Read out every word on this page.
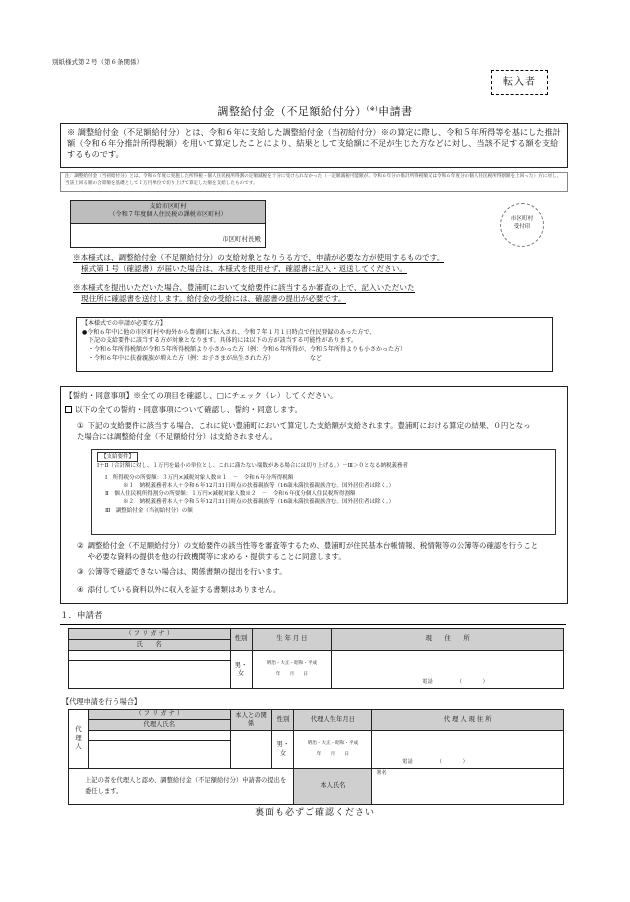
別紙様式第２号（第６条関係）
転入者
調整給付金（不足額給付分）(※)申請書
※ 調整給付金（不足額給付分）とは、令和６年に支給した調整給付金（当初給付分）※の算定に際し、令和５年所得等を基にした推計額（令和６年分推計所得税額）を用いて算定したことにより、結果として支給額に不足が生じた方などに対し、当該不足する額を支給するものです。
注：調整給付金（当初給付分）とは、令和６年度に実施した所得税・個人住民税所得割の定額減税を十分に受けられなかった（一定額減税可能額が、令和６年分の推計所得税額又は令和６年度分の個人住民税所得割額を上回った）方に対し、当該上回る額の合算額を基礎として１万円単位で切り上げて算定した額を支給したものです。
支給市区町村
（令和７年度個人住民税の課税市区町村）
市区町村長殿
市区町村
受付印
※本様式は、調整給付金（不足額給付分）の支給対象となりうる方で、申請が必要な方が使用するものです。
様式第１号（確認書）が届いた場合は、本様式を使用せず、確認書に記入・返送してください。
※本様式を提出いただいた場合、豊浦町において支給要件に該当するか審査の上で、記入いただいた
現住所に確認書を送付します。給付金の受給には、確認書の提出が必要です。
【本様式での申請が必要な方】
●令和６年中に他の市区町村や海外から豊浦町に転入され、令和７年１月１日時点で住民登録のあった方で、
下記の支給要件に該当する方が対象となります。具体的には以下の方が該当する可能性があります。
・令和６年所得税額が令和５年所得税額より小さかった方（例：令和６年所得が、令和５年所得よりも小さかった方）
・令和６年中に扶養親族が増えた方（例：お子さまが出生された方）	など
【誓約・同意事項】※全ての項目を確認し、□にチェック（レ）してください。
以下の全ての誓約・同意事項について確認し、誓約・同意します。
① 下記の支給要件に該当する場合、これに従い豊浦町において算定した支給額が支給されます。豊浦町における算定の結果、０円となった場合には調整給付金（不足額給付分）は支給されません。
【支給要件】
Ⅰ＋Ⅱ（合計額に対し、１万円を最小の単位とし、これに満たない端数がある場合には切り上げる。）－Ⅲ＞０となる納税義務者
Ⅰ　所得税分の所要額：３万円×減税対象人数※１　－　令和６年分所得税額
※１　納税義務者本人＋令和６年12月31日時点の扶養親族等（16歳未満扶養親族含む。国外居住者は除く。）
Ⅱ　個人住民税所得割分の所要額：１万円×減税対象人数※２　－　令和６年度分個人住民税所得割額
※２　納税義務者本人＋令和５年12月31日時点の扶養親族等（16歳未満扶養親族含む。国外居住者は除く。）
Ⅲ　調整給付金（当初給付分）の額
② 調整給付金（不足額給付分）の支給要件の該当性等を審査等するため、豊浦町が住民基本台帳情報、税情報等の公簿等の確認を行うことや必要な資料の提供を他の行政機関等に求める・提供することに同意します。
③ 公簿等で確認できない場合は、関係書類の提出を行います。
④ 添付している資料以外に収入を証する書類はありません。
１．申請者
（ フ リ ガ ナ ）	性別	生 年 月 日	現　　住　　所
氏　　名			
	男・女	明治・大正・昭和・平成
年　　月　　日	電話 （　　　　）

【代理申請を行う場合】
代理人	（ フ リ ガ ナ ）	本人との関係	性別	代理人生年月日	代 理 人 現 住 所
	代理人氏名				
			男・女	明治・大正・昭和・平成
年　　月　　日	電話 （　　　　）

上記の者を代理人と認め、調整給付金（不足額給付分）申請書の提出を委任します。				本人氏名	署名
裏面も必ずご確認ください
